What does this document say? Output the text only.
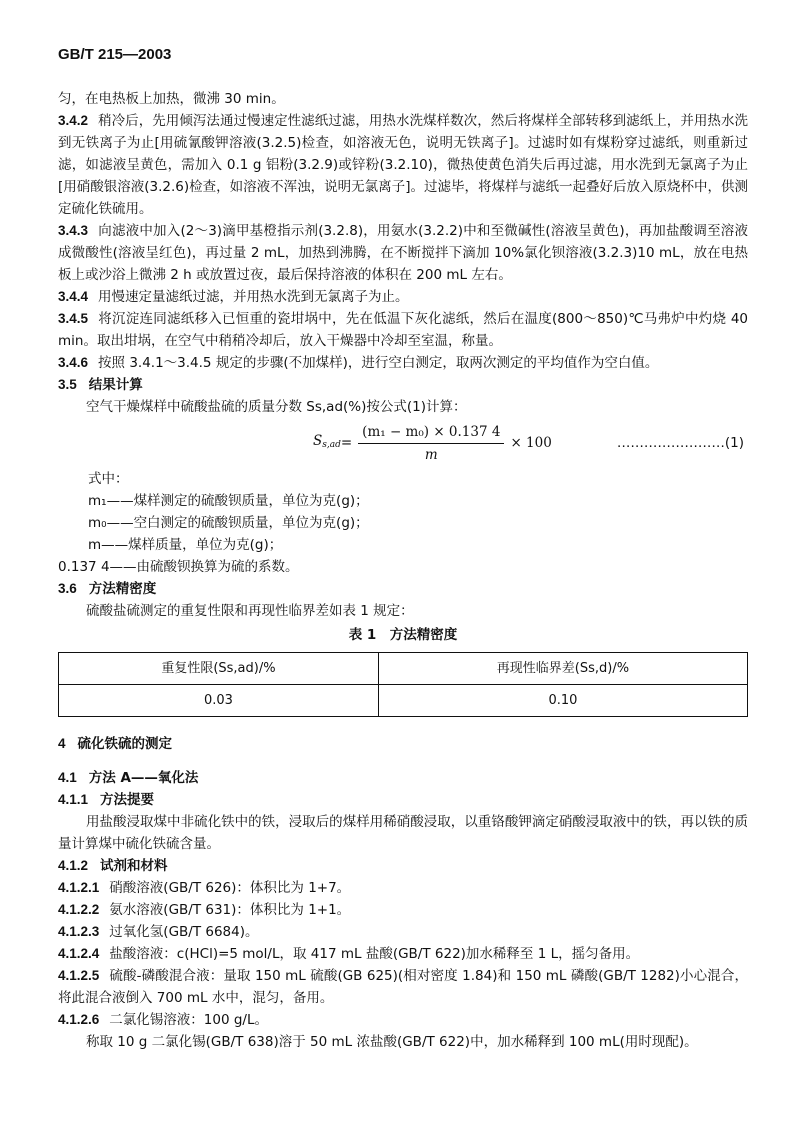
GB/T 215—2003

匀，在电热板上加热，微沸 30 min。

3.4.2 稍冷后，先用倾泻法通过慢速定性滤纸过滤，用热水洗煤样数次，然后将煤样全部转移到滤纸上，并用热水洗到无铁离子为止[用硫氰酸钾溶液(3.2.5)检查，如溶液无色，说明无铁离子]。过滤时如有煤粉穿过滤纸，则重新过滤，如滤液呈黄色，需加入 0.1 g 铝粉(3.2.9)或锌粉(3.2.10)，微热使黄色消失后再过滤，用水洗到无氯离子为止[用硝酸银溶液(3.2.6)检查，如溶液不浑浊，说明无氯离子]。过滤毕，将煤样与滤纸一起叠好后放入原烧杯中，供测定硫化铁硫用。

3.4.3 向滤液中加入(2～3)滴甲基橙指示剂(3.2.8)，用氨水(3.2.2)中和至微碱性(溶液呈黄色)，再加盐酸调至溶液成微酸性(溶液呈红色)，再过量 2 mL，加热到沸腾，在不断搅拌下滴加 10%氯化钡溶液(3.2.3)10 mL，放在电热板上或沙浴上微沸 2 h 或放置过夜，最后保持溶液的体积在 200 mL 左右。

3.4.4 用慢速定量滤纸过滤，并用热水洗到无氯离子为止。

3.4.5 将沉淀连同滤纸移入已恒重的瓷坩埚中，先在低温下灰化滤纸，然后在温度(800～850)℃马弗炉中灼烧 40 min。取出坩埚，在空气中稍稍冷却后，放入干燥器中冷却至室温，称量。

3.4.6 按照 3.4.1～3.4.5 规定的步骤(不加煤样)，进行空白测定，取两次测定的平均值作为空白值。

3.5 结果计算

空气干燥煤样中硫酸盐硫的质量分数 Ss,ad(%)按公式(1)计算：

$S_{s,ad} = \frac{\text{(m₁ − m₀) × 0.137 4}}{m} \times 100$	……………………(1)

式中：

m₁——煤样测定的硫酸钡质量，单位为克(g)；

m₀——空白测定的硫酸钡质量，单位为克(g)；

m——煤样质量，单位为克(g)；

0.137 4——由硫酸钡换算为硫的系数。

3.6 方法精密度

硫酸盐硫测定的重复性限和再现性临界差如表 1 规定：

表 1　方法精密度

重复性限(Ss,ad)/%	再现性临界差(Ss,d)/%
0.03	0.10

4 硫化铁硫的测定

4.1 方法 A——氧化法

4.1.1 方法提要

用盐酸浸取煤中非硫化铁中的铁，浸取后的煤样用稀硝酸浸取，以重铬酸钾滴定硝酸浸取液中的铁，再以铁的质量计算煤中硫化铁硫含量。

4.1.2 试剂和材料

4.1.2.1 硝酸溶液(GB/T 626)：体积比为 1+7。

4.1.2.2 氨水溶液(GB/T 631)：体积比为 1+1。

4.1.2.3 过氧化氢(GB/T 6684)。

4.1.2.4 盐酸溶液：c(HCl)=5 mol/L，取 417 mL 盐酸(GB/T 622)加水稀释至 1 L，摇匀备用。

4.1.2.5 硫酸-磷酸混合液：量取 150 mL 硫酸(GB 625)(相对密度 1.84)和 150 mL 磷酸(GB/T 1282)小心混合，将此混合液倒入 700 mL 水中，混匀，备用。

4.1.2.6 二氯化锡溶液：100 g/L。

称取 10 g 二氯化锡(GB/T 638)溶于 50 mL 浓盐酸(GB/T 622)中，加水稀释到 100 mL(用时现配)。
